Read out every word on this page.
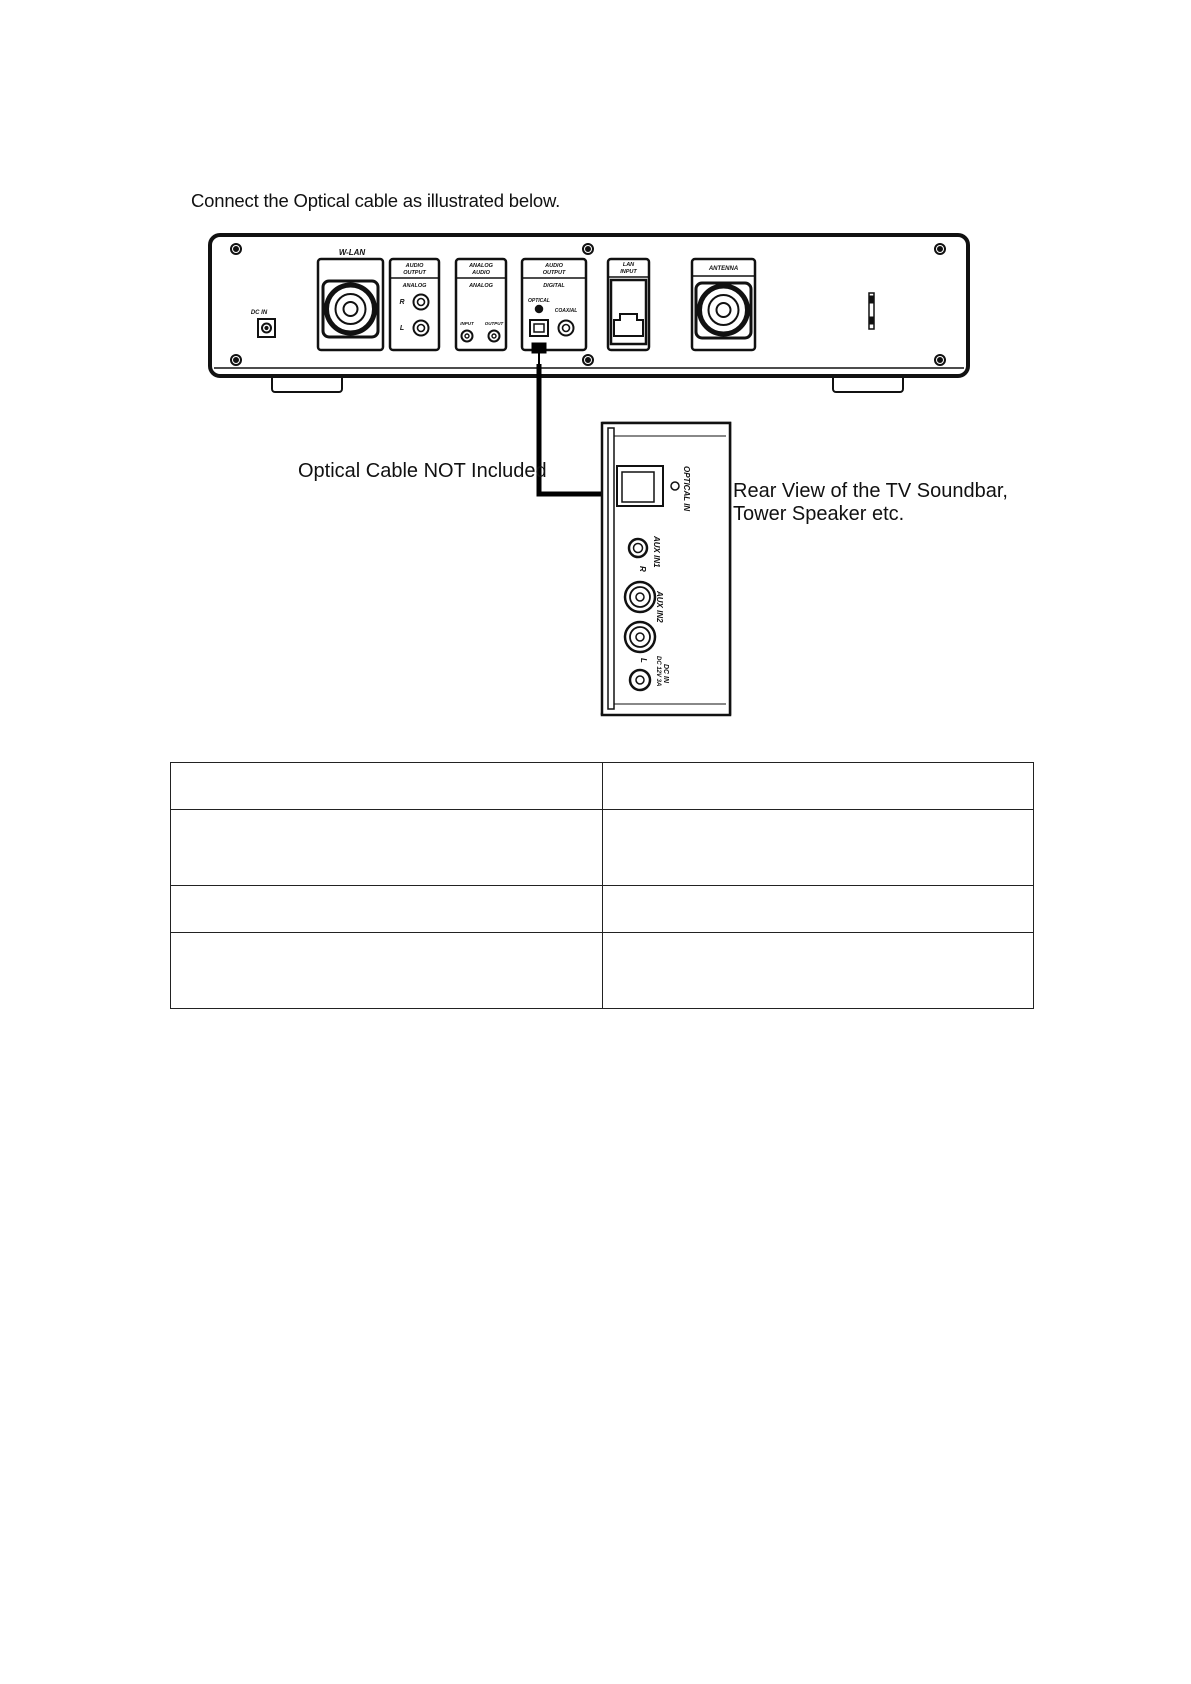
Connect the Optical cable as illustrated below.
DC IN
W-LAN
AUDIO
OUTPUT
ANALOG
R
L
ANALOG
AUDIO
ANALOG
INPUT OUTPUT
AUDIO
OUTPUT
DIGITAL
OPTICAL
COAXIAL
LAN
INPUT	ANTENNA
OPTICAL IN
AUX IN1
R
AUX IN2
L
DC IN
DC 12V 3A
Optical Cable NOT Included
Rear View of the TV Soundbar,
Tower Speaker etc.
